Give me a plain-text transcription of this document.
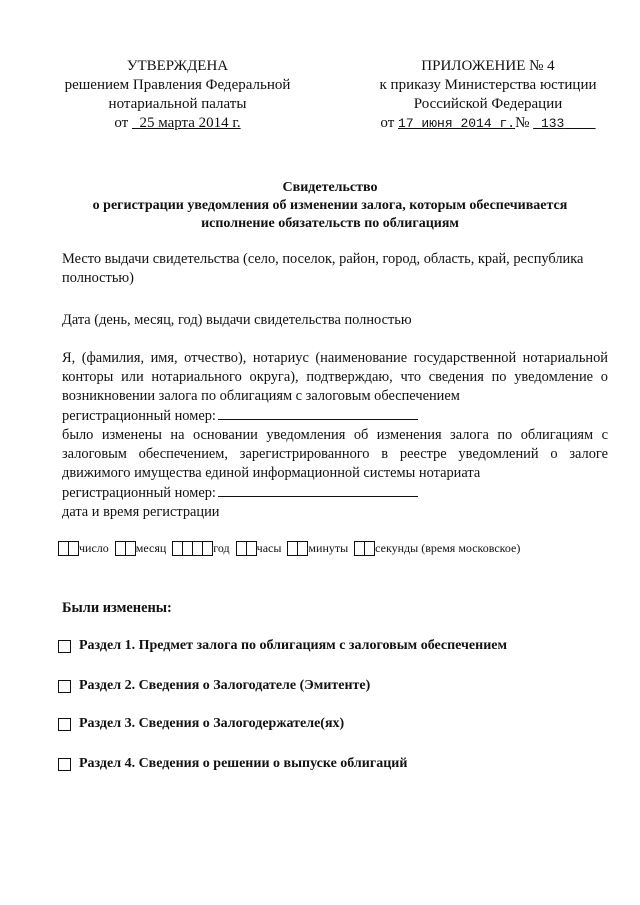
УТВЕРЖДЕНА
решением Правления Федеральной
нотариальной палаты
от 25 марта 2014 г.
ПРИЛОЖЕНИЕ № 4
к приказу Министерства юстиции
Российской Федерации
от 17 июня 2014 г.№ 133
Свидетельство
о регистрации уведомления об изменении залога, которым обеспечивается
исполнение обязательств по облигациям
Место выдачи свидетельства (село, поселок, район, город, область, край, республика
полностью)
Дата (день, месяц, год) выдачи свидетельства полностью
Я, (фамилия, имя, отчество), нотариус (наименование государственной нотариальной
конторы или нотариального округа), подтверждаю, что сведения по уведомление о
возникновении залога по облигациям с залоговым обеспечением
регистрационный номер:
было изменены на основании уведомления об изменения залога по облигациям с
залоговым обеспечением, зарегистрированного в реестре уведомлений о залоге
движимого имущества единой информационной системы нотариата
регистрационный номер:
дата и время регистрации
число месяц	год часы минуты секунды (время московское)
Были изменены:
Раздел 1. Предмет залога по облигациям с залоговым обеспечением
Раздел 2. Сведения о Залогодателе (Эмитенте)
Раздел 3. Сведения о Залогодержателе(ях)
Раздел 4. Сведения о решении о выпуске облигаций
